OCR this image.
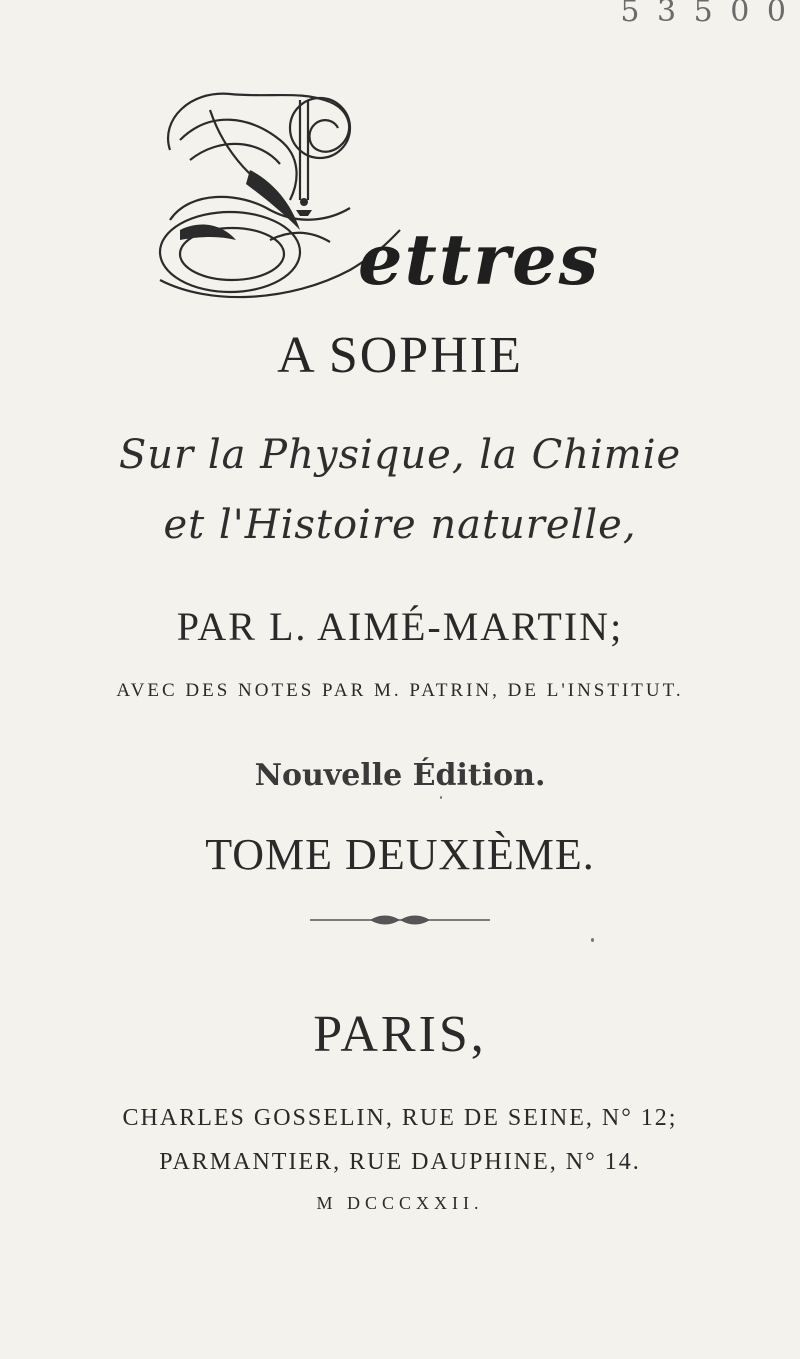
5 3 5 0 0
ettres
A SOPHIE
Sur la Physique, la Chimie
et l'Histoire naturelle,
PAR L. AIMÉ-MARTIN;
AVEC DES NOTES PAR M. PATRIN, DE L'INSTITUT.
Nouvelle Édition.
TOME DEUXIÈME.
PARIS,
CHARLES GOSSELIN, RUE DE SEINE, N° 12;
PARMANTIER, RUE DAUPHINE, N° 14.
M DCCCXXII.
